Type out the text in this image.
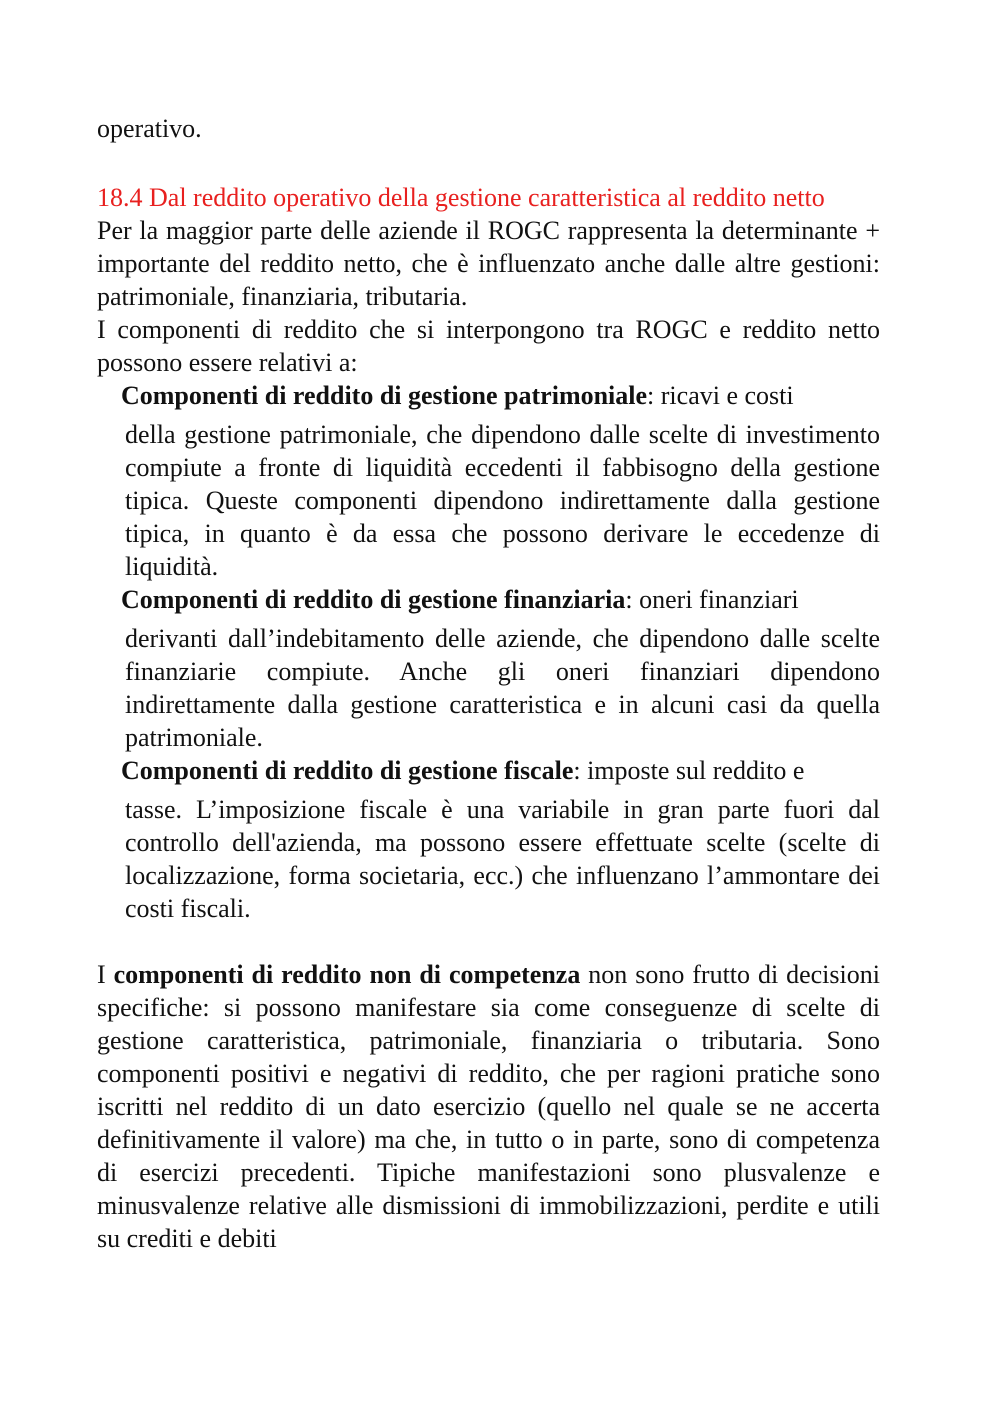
operativo.

18.4 Dal reddito operativo della gestione caratteristica al reddito netto

Per la maggior parte delle aziende il ROGC rappresenta la determinante + importante del reddito netto, che è influenzato anche dalle altre gestioni: patrimoniale, finanziaria, tributaria.

I componenti di reddito che si interpongono tra ROGC e reddito netto possono essere relativi a:

Componenti di reddito di gestione patrimoniale: ricavi e costi
della gestione patrimoniale, che dipendono dalle scelte di investimento compiute a fronte di liquidità eccedenti il fabbisogno della gestione tipica. Queste componenti dipendono indirettamente dalla gestione tipica, in quanto è da essa che possono derivare le eccedenze di liquidità.
Componenti di reddito di gestione finanziaria: oneri finanziari
derivanti dall’indebitamento delle aziende, che dipendono dalle scelte finanziarie compiute. Anche gli oneri finanziari dipendono indirettamente dalla gestione caratteristica e in alcuni casi da quella patrimoniale.
Componenti di reddito di gestione fiscale: imposte sul reddito e
tasse. L’imposizione fiscale è una variabile in gran parte fuori dal controllo dell'azienda, ma possono essere effettuate scelte (scelte di localizzazione, forma societaria, ecc.) che influenzano l’ammontare dei costi fiscali.

I componenti di reddito non di competenza non sono frutto di decisioni specifiche: si possono manifestare sia come conseguenze di scelte di gestione caratteristica, patrimoniale, finanziaria o tributaria. Sono componenti positivi e negativi di reddito, che per ragioni pratiche sono iscritti nel reddito di un dato esercizio (quello nel quale se ne accerta definitivamente il valore) ma che, in tutto o in parte, sono di competenza di esercizi precedenti. Tipiche manifestazioni sono plusvalenze e minusvalenze relative alle dismissioni di immobilizzazioni, perdite e utili su crediti e debiti
